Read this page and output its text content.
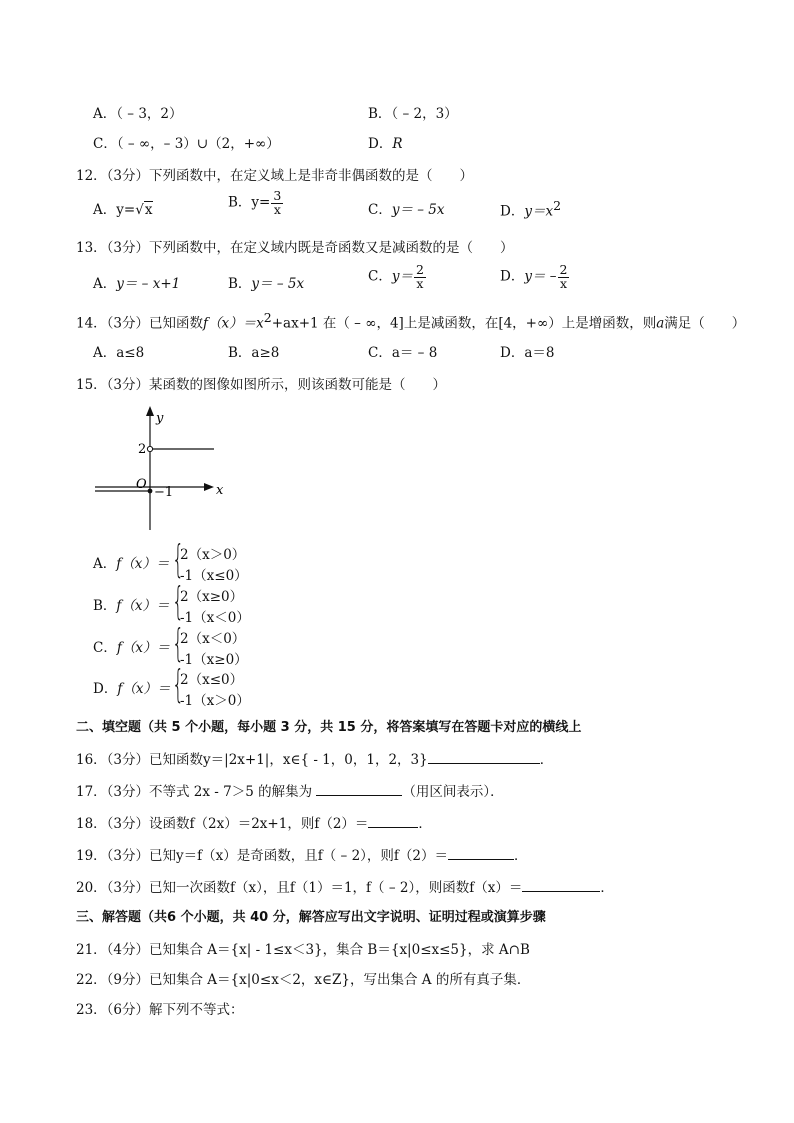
A．（ – 3，2）	B．（ – 2，3）
C．（ – ∞，– 3）∪（2，+∞）	D．R
12．（3分）下列函数中，在定义域上是非奇非偶函数的是（　　）
A．y=√x	B．$y= \frac{3}{x}$	C．y＝ – 5x	D．$y=x^2$
13．（3分）下列函数中，在定义域内既是奇函数又是减函数的是（　　）
A．y＝ – x+1	B．y＝ – 5x	C．$y= \frac{2}{x}$	D．$y= - \frac{2}{x}$
14．（3分）已知函数$f(x)=x^2+ax+1$ 在（ – ∞，4]上是减函数，在[4，+∞）上是增函数，则a满足（　　）
A．a≤8	B．a≥8	C．a＝ – 8	D．a＝8
15．（3分）某函数的图像如图所示，则该函数可能是（　　）
y
x
O
2
−1
A．f（x）＝ {
2（x＞0）
-1（x≤0）
B．f（x）＝ {
2（x≥0）
-1（x＜0）
C．f（x）＝ {
2（x＜0）
-1（x≥0）
D．f（x）＝ {
2（x≤0）
-1（x＞0）
二、填空题（共 5 个小题，每小题 3 分，共 15 分，将答案填写在答题卡对应的横线上
16．（3分）已知函数y＝|2x+1|，x∈{ - 1，0，1，2，3}	．
17．（3分）不等式 2x - 7＞5 的解集为	（用区间表示）．
18．（3分）设函数f（2x）＝2x+1，则f（2）＝	．
19．（3分）已知y＝f（x）是奇函数，且f（ – 2），则f（2）＝	．
20．（3分）已知一次函数f（x），且f（1）＝1，f（ – 2），则函数f（x）＝	．
三、解答题（共6 个小题，共 40 分，解答应写出文字说明、证明过程或演算步骤
21．（4分）已知集合 A＝{x| - 1≤x＜3}，集合 B＝{x|0≤x≤5}，求 A∩B
22．（9分）已知集合 A＝{x|0≤x＜2，x∈Z}，写出集合 A 的所有真子集．
23．（6分）解下列不等式：
